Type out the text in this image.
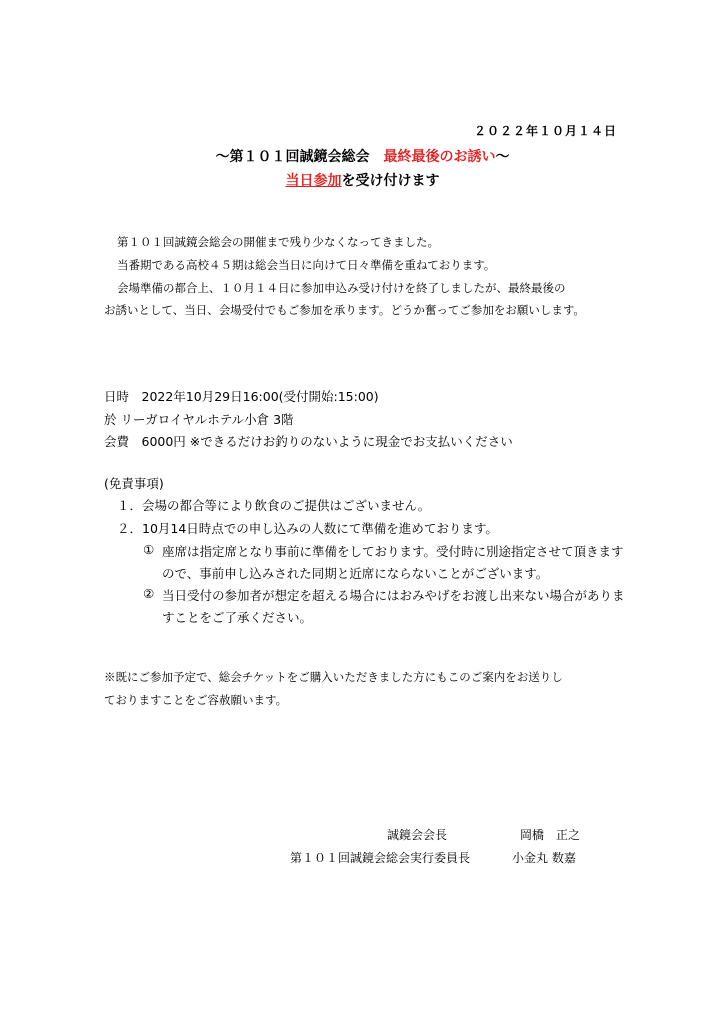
２０２２年１０月１４日
～第１０１回誠鏡会総会　最終最後のお誘い～
当日参加を受け付けます
第１０１回誠鏡会総会の開催まで残り少なくなってきました。
当番期である高校４５期は総会当日に向けて日々準備を重ねております。
会場準備の都合上、１０月１４日に参加申込み受け付けを終了しましたが、最終最後の
お誘いとして、当日、会場受付でもご参加を承ります。どうか奮ってご参加をお願いします。
日時　2022年10月29日16:00(受付開始:15:00)
於 リーガロイヤルホテル小倉 3階
会費　6000円 ※できるだけお釣りのないように現金でお支払いください
(免責事項)
１．会場の都合等により飲食のご提供はございません。
２．10月14日時点での申し込みの人数にて準備を進めております。
① 座席は指定席となり事前に準備をしております。受付時に別途指定させて頂きます
ので、事前申し込みされた同期と近席にならないことがございます。
② 当日受付の参加者が想定を超える場合にはおみやげをお渡し出来ない場合がありま
すことをご了承ください。
※既にご参加予定で、総会チケットをご購入いただきました方にもこのご案内をお送りし
ておりますことをご容赦願います。
誠鏡会会長	岡橋　正之
第１０１回誠鏡会総会実行委員長	小金丸 数嘉
